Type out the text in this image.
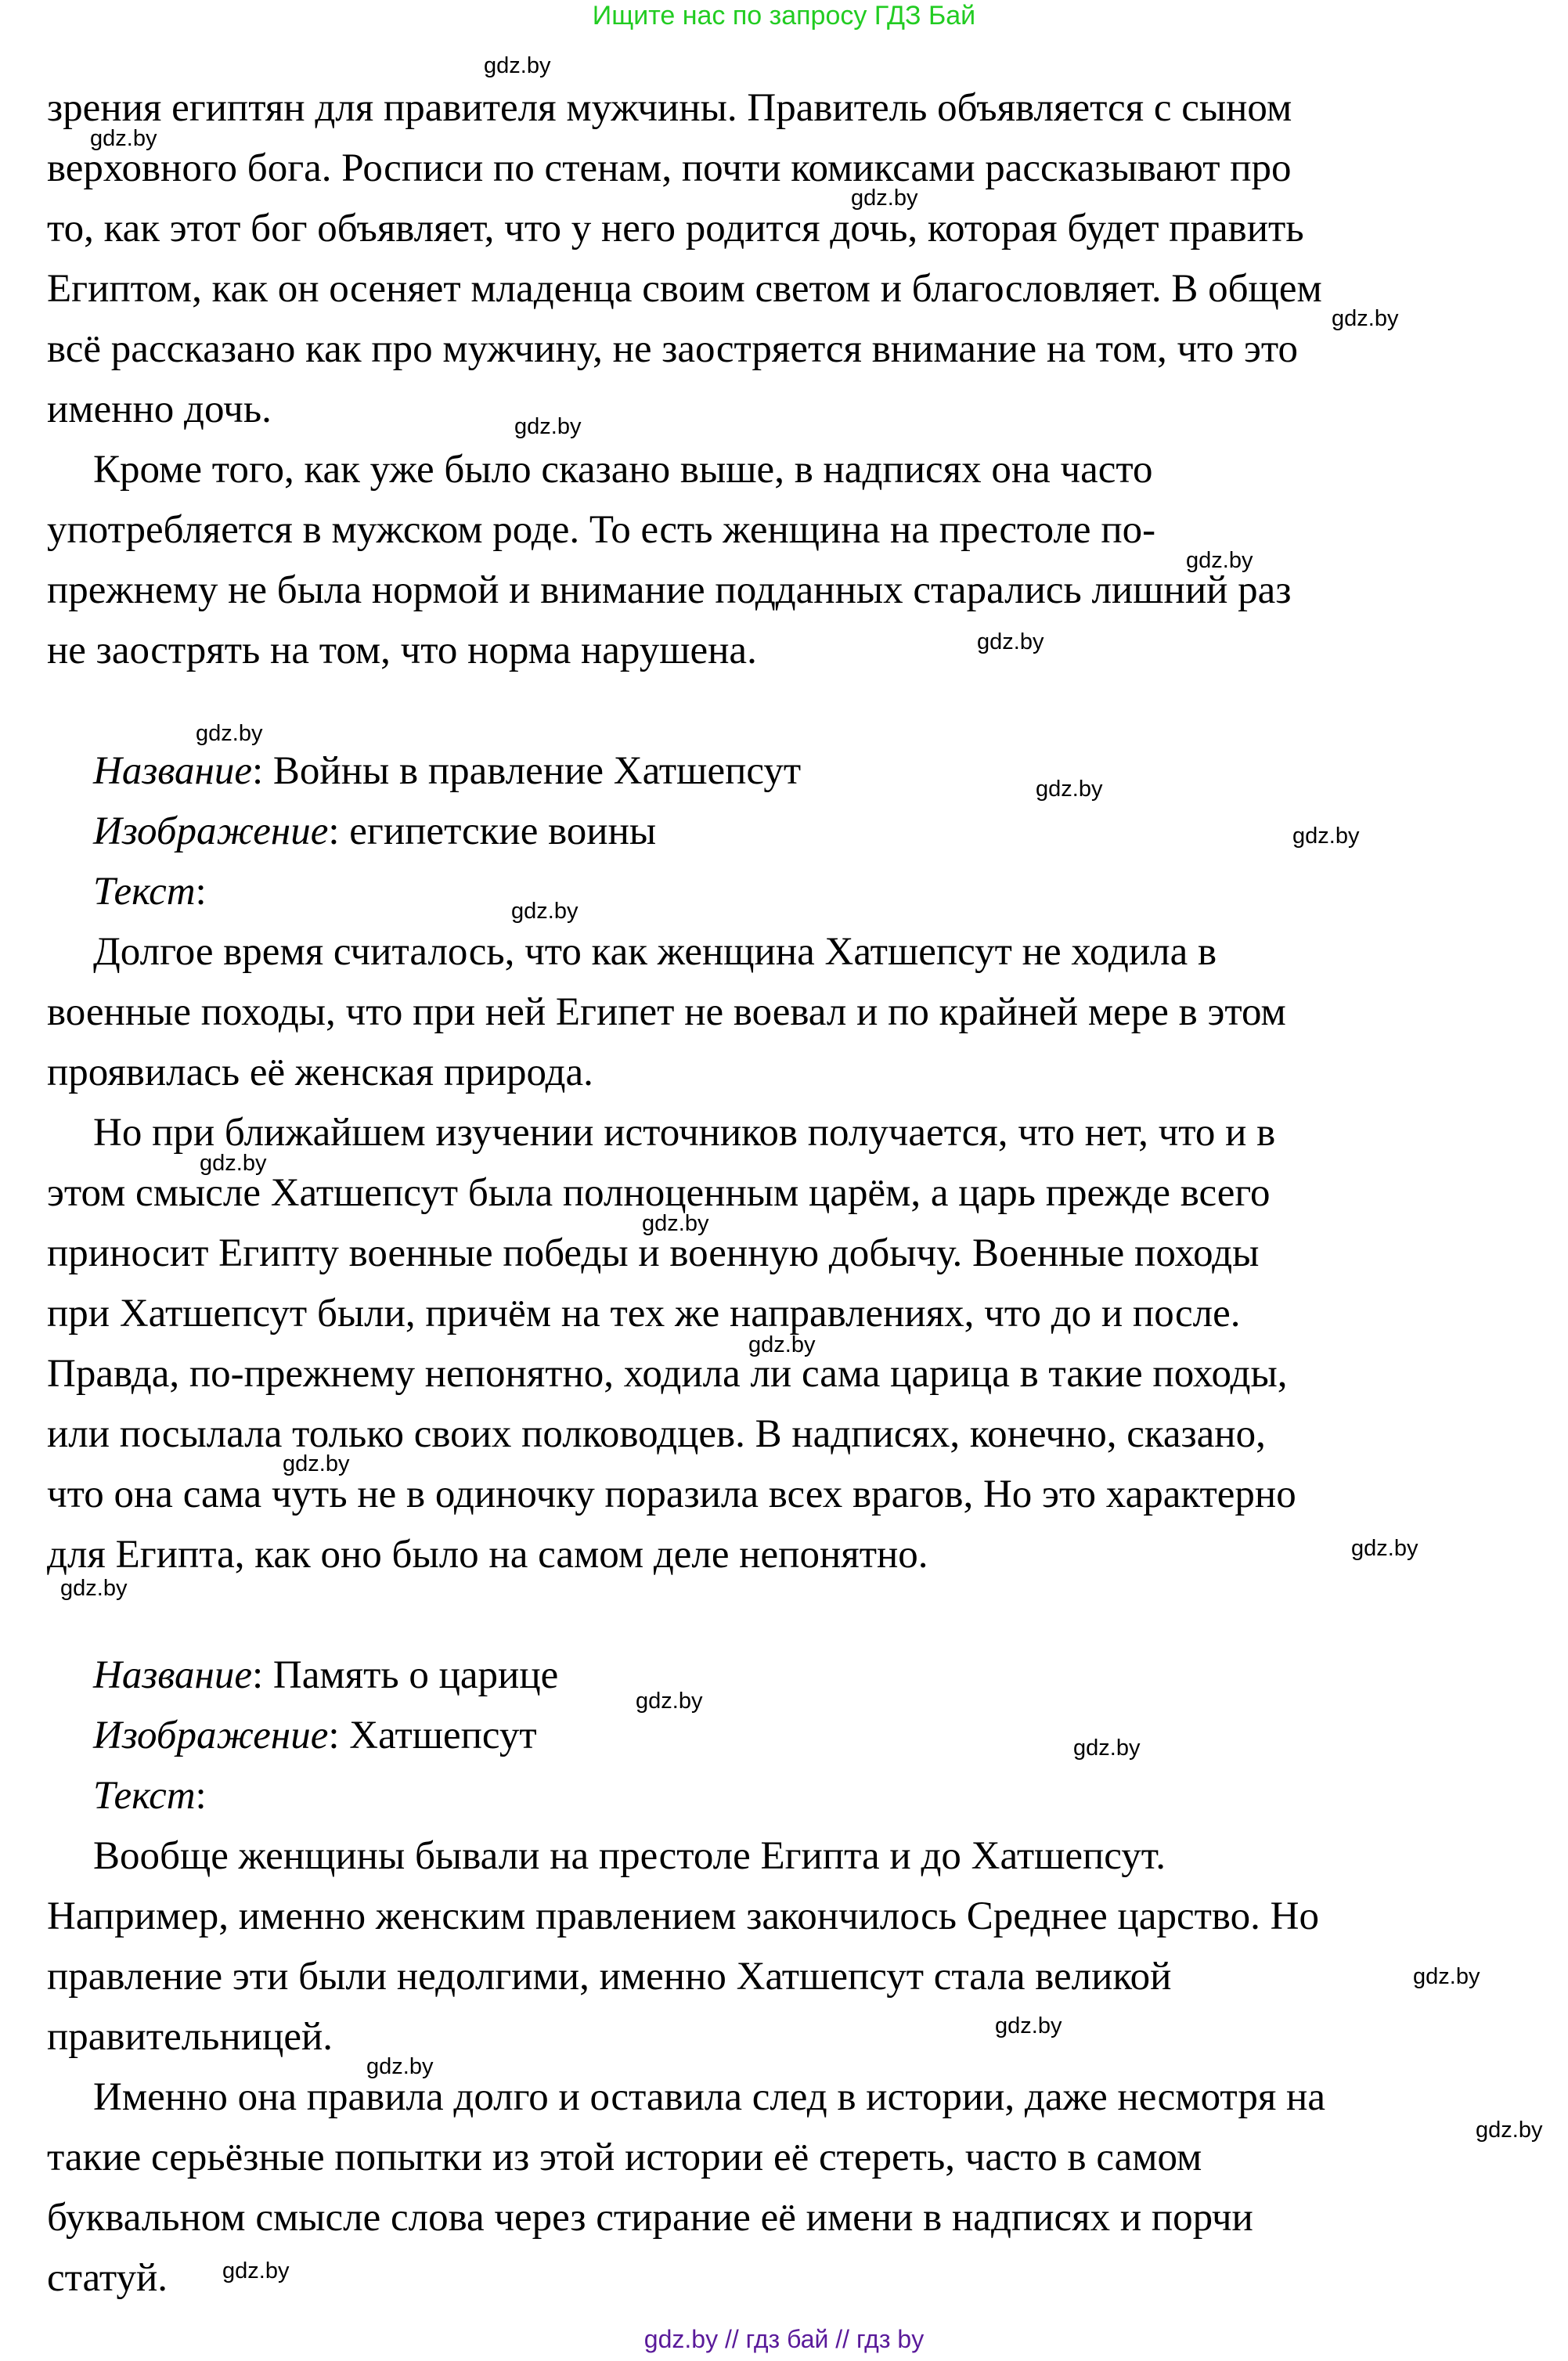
Ищите нас по запросу ГДЗ Бай
зрения египтян для правителя мужчины. Правитель объявляется с сыном
верховного бога. Росписи по стенам, почти комиксами рассказывают про
то, как этот бог объявляет, что у него родится дочь, которая будет править
Египтом, как он осеняет младенца своим светом и благословляет. В общем
всё рассказано как про мужчину, не заостряется внимание на том, что это
именно дочь.
Кроме того, как уже было сказано выше, в надписях она часто
употребляется в мужском роде. То есть женщина на престоле по-
прежнему не была нормой и внимание подданных старались лишний раз
не заострять на том, что норма нарушена.
Название: Войны в правление Хатшепсут
Изображение: египетские воины
Текст:
Долгое время считалось, что как женщина Хатшепсут не ходила в
военные походы, что при ней Египет не воевал и по крайней мере в этом
проявилась её женская природа.
Но при ближайшем изучении источников получается, что нет, что и в
этом смысле Хатшепсут была полноценным царём, а царь прежде всего
приносит Египту военные победы и военную добычу. Военные походы
при Хатшепсут были, причём на тех же направлениях, что до и после.
Правда, по-прежнему непонятно, ходила ли сама царица в такие походы,
или посылала только своих полководцев. В надписях, конечно, сказано,
что она сама чуть не в одиночку поразила всех врагов, Но это характерно
для Египта, как оно было на самом деле непонятно.
Название: Память о царице
Изображение: Хатшепсут
Текст:
Вообще женщины бывали на престоле Египта и до Хатшепсут.
Например, именно женским правлением закончилось Среднее царство. Но
правление эти были недолгими, именно Хатшепсут стала великой
правительницей.
Именно она правила долго и оставила след в истории, даже несмотря на
такие серьёзные попытки из этой истории её стереть, часто в самом
буквальном смысле слова через стирание её имени в надписях и порчи
статуй.
gdz.by
gdz.by
gdz.by
gdz.by
gdz.by
gdz.by
gdz.by
gdz.by
gdz.by
gdz.by
gdz.by
gdz.by
gdz.by
gdz.by
gdz.by
gdz.by
gdz.by
gdz.by
gdz.by
gdz.by
gdz.by
gdz.by
gdz.by
gdz.by
gdz.by // гдз бай // гдз by
